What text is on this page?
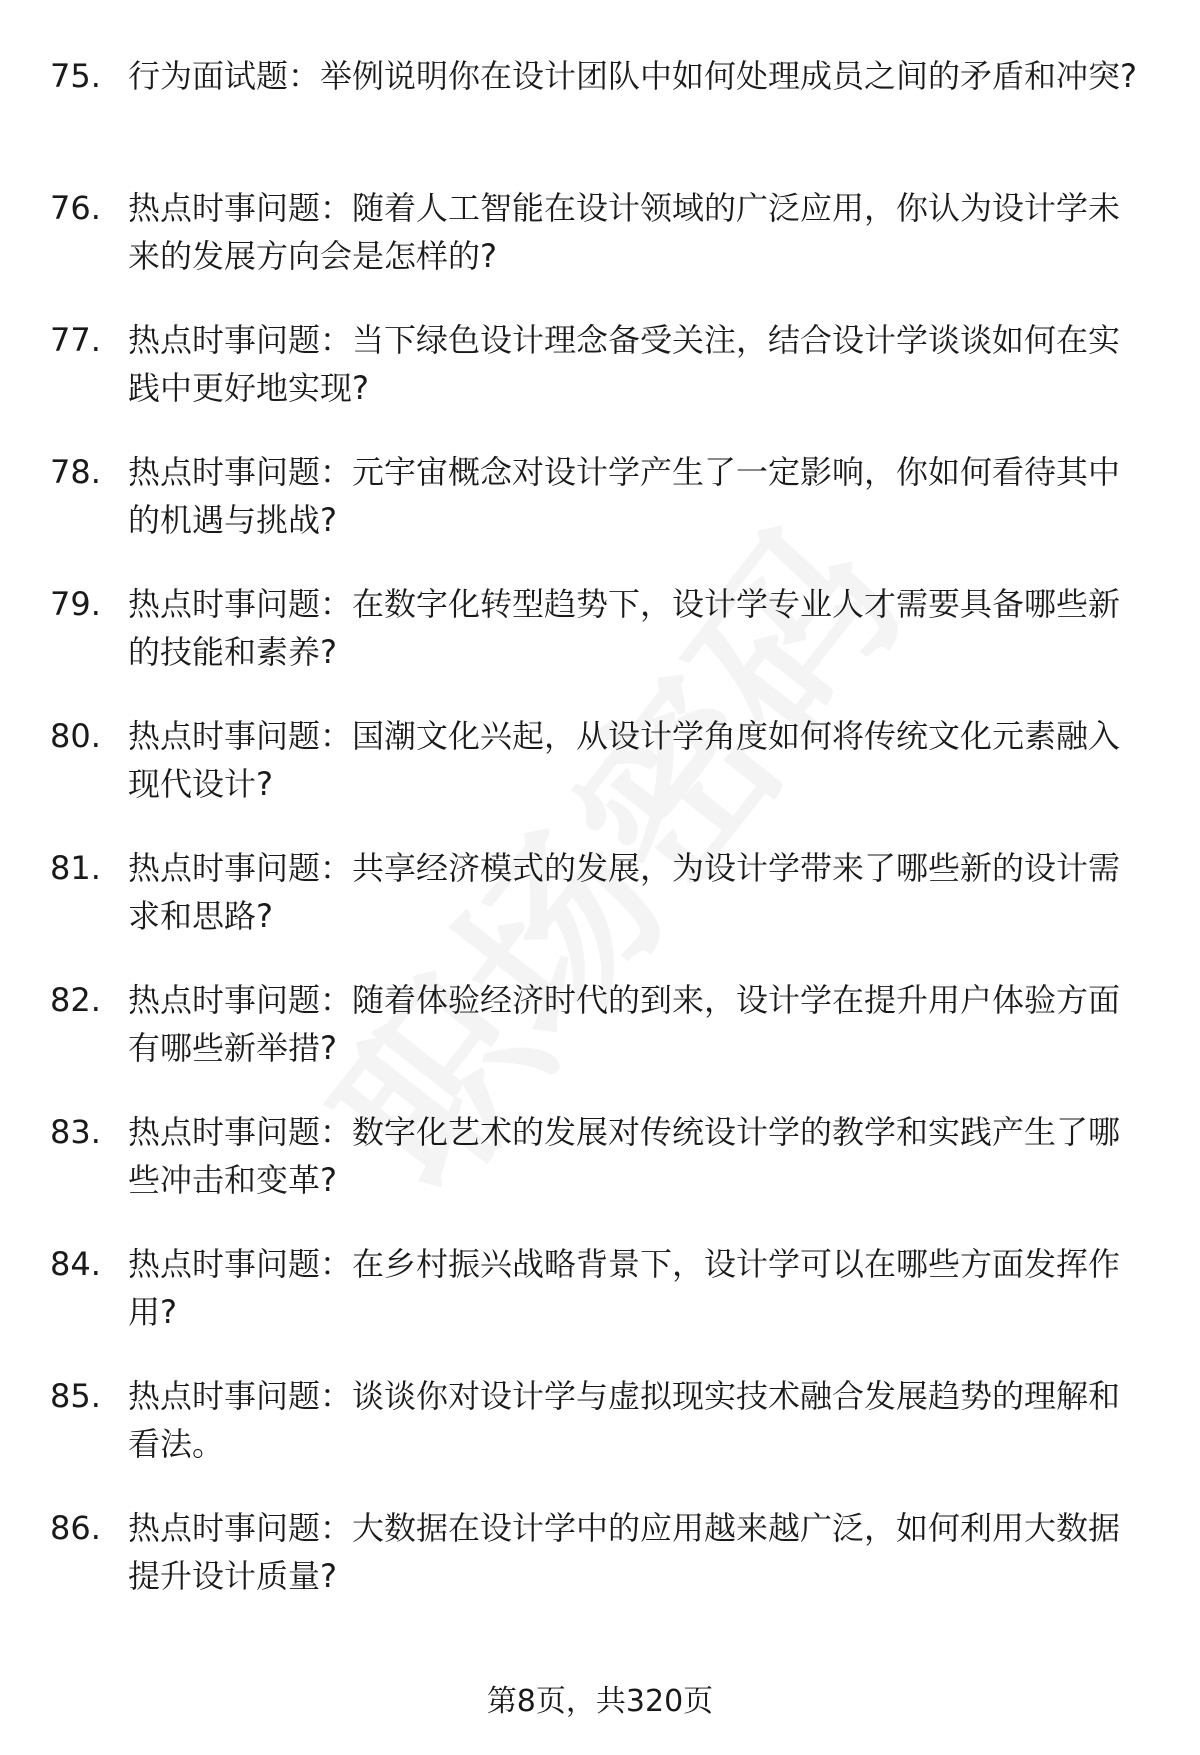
75. 行为面试题：举例说明你在设计团队中如何处理成员之间的矛盾和冲突?
76. 热点时事问题：随着人工智能在设计领域的广泛应用，你认为设计学未来的发展方向会是怎样的?
77. 热点时事问题：当下绿色设计理念备受关注，结合设计学谈谈如何在实践中更好地实现?
78. 热点时事问题：元宇宙概念对设计学产生了一定影响，你如何看待其中的机遇与挑战?
79. 热点时事问题：在数字化转型趋势下，设计学专业人才需要具备哪些新的技能和素养?
80. 热点时事问题：国潮文化兴起，从设计学角度如何将传统文化元素融入现代设计?
81. 热点时事问题：共享经济模式的发展，为设计学带来了哪些新的设计需求和思路?
82. 热点时事问题：随着体验经济时代的到来，设计学在提升用户体验方面有哪些新举措?
83. 热点时事问题：数字化艺术的发展对传统设计学的教学和实践产生了哪些冲击和变革?
84. 热点时事问题：在乡村振兴战略背景下，设计学可以在哪些方面发挥作用?
85. 热点时事问题：谈谈你对设计学与虚拟现实技术融合发展趋势的理解和看法。
86. 热点时事问题：大数据在设计学中的应用越来越广泛，如何利用大数据提升设计质量?
第8页，共320页
